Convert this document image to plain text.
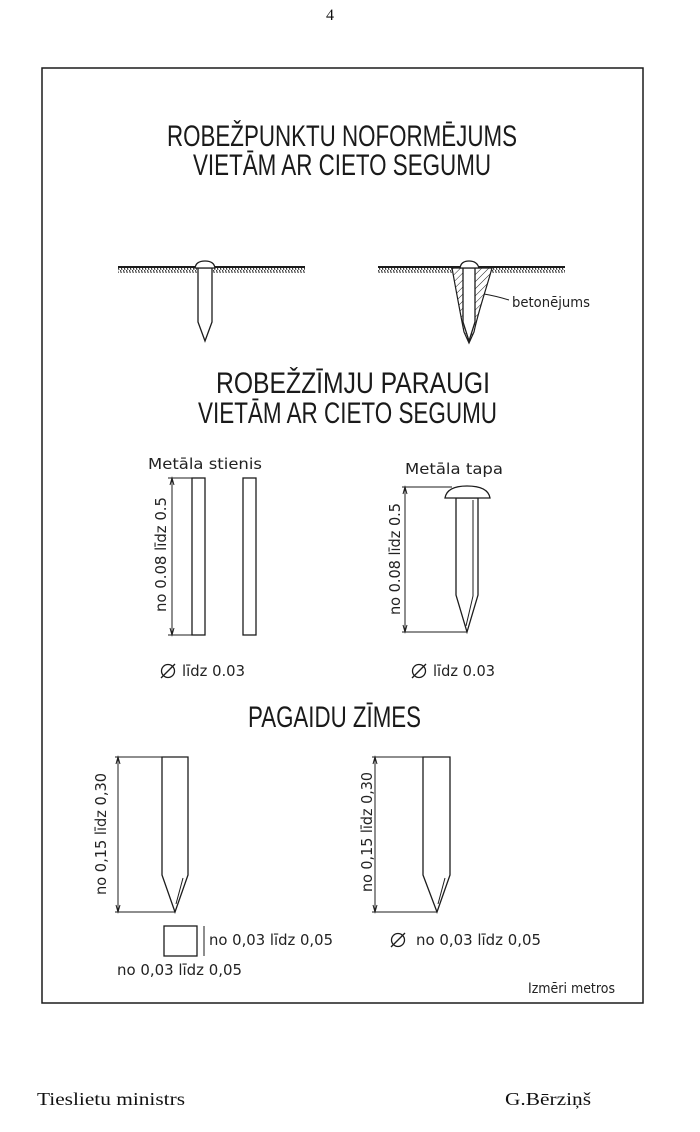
4
ROBEŽPUNKTU NOFORMĒJUMS
VIETĀM AR CIETO SEGUMU
betonējums
ROBEŽZĪMJU PARAUGI
VIETĀM AR CIETO SEGUMU
Metāla stienis
no 0.08 līdz 0.5
līdz 0.03
Metāla tapa
no 0.08 līdz 0.5
līdz 0.03
PAGAIDU ZĪMES
no 0,15 līdz 0,30
no 0,03 līdz 0,05
no 0,03 līdz 0,05
no 0,15 līdz 0,30
no 0,03 līdz 0,05
Izmēri metros
Tieslietu ministrs	G.Bērziņš
